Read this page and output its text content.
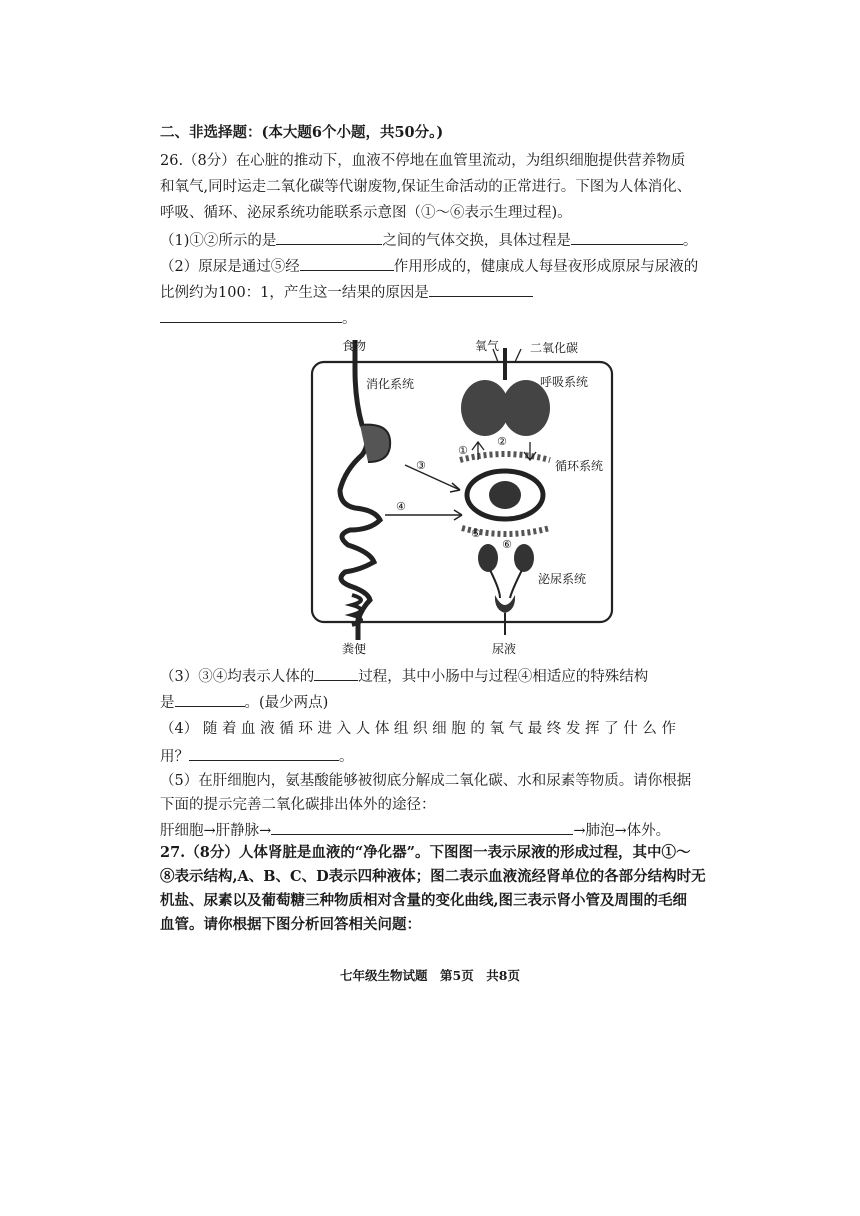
二、非选择题：(本大题6个小题，共50分。)
26.（8分）在心脏的推动下，血液不停地在血管里流动，为组织细胞提供营养物质
和氧气,同时运走二氧化碳等代谢废物,保证生命活动的正常进行。下图为人体消化、
呼吸、循环、泌尿系统功能联系示意图（①～⑥表示生理过程)。
（1)①②所示的是	之间的气体交换，具体过程是	。
（2）原尿是通过⑤经	作用形成的，健康成人每昼夜形成原尿与尿液的
比例约为100：1，产生这一结果的原因是
。
食物	氧气	二氧化碳
消化系统	呼吸系统
循环系统
泌尿系统
粪便	尿液
①
②
③
④
⑤
⑥
（3）③④均表示人体的	过程，其中小肠中与过程④相适应的特殊结构
是	。(最少两点)
（4） 随 着 血 液 循 环 进 入 人 体 组 织 细 胞 的 氧 气 最 终 发 挥 了 什 么 作
用？	。
（5）在肝细胞内，氨基酸能够被彻底分解成二氧化碳、水和尿素等物质。请你根据
下面的提示完善二氧化碳排出体外的途径：
肝细胞→肝静脉→	→肺泡→体外。
27.（8分）人体肾脏是血液的“净化器”。下图图一表示尿液的形成过程，其中①～
⑧表示结构,A、B、C、D表示四种液体；图二表示血液流经肾单位的各部分结构时无
机盐、尿素以及葡萄糖三种物质相对含量的变化曲线,图三表示肾小管及周围的毛细
血管。请你根据下图分析回答相关问题：
七年级生物试题　第5页　共8页
